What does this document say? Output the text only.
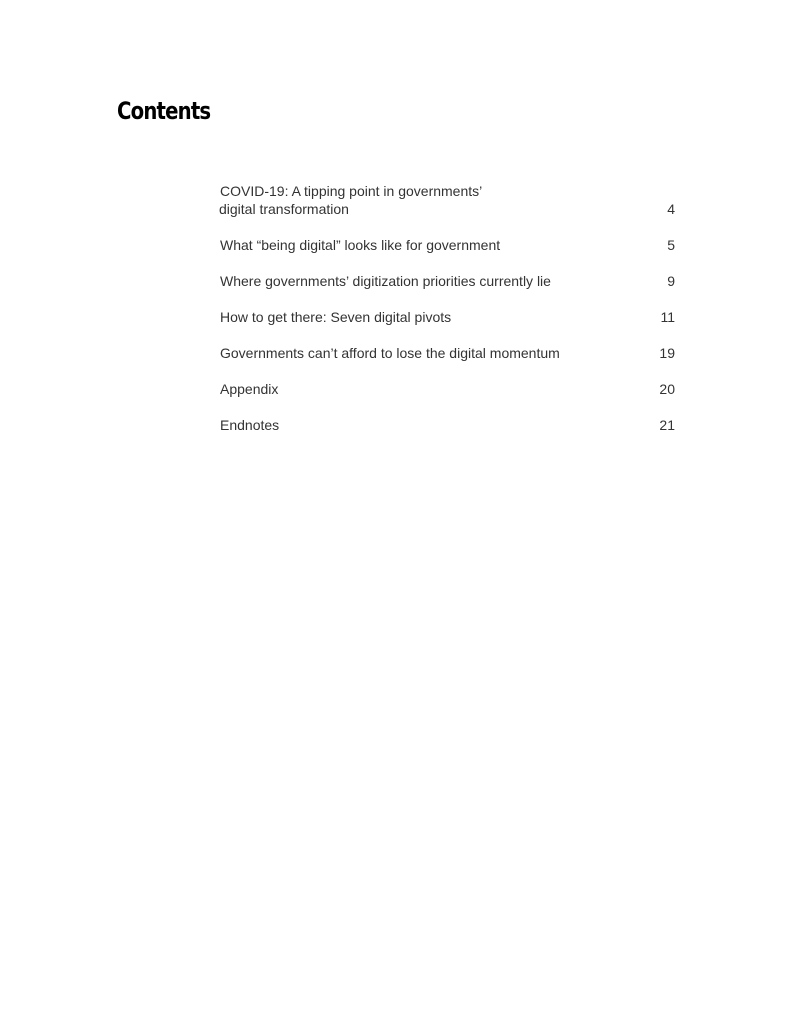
Contents
COVID-19: A tipping point in governments’
digital transformation	4
What “being digital” looks like for government	5
Where governments’ digitization priorities currently lie	9
How to get there: Seven digital pivots	11
Governments can’t afford to lose the digital momentum	19
Appendix	20
Endnotes	21
